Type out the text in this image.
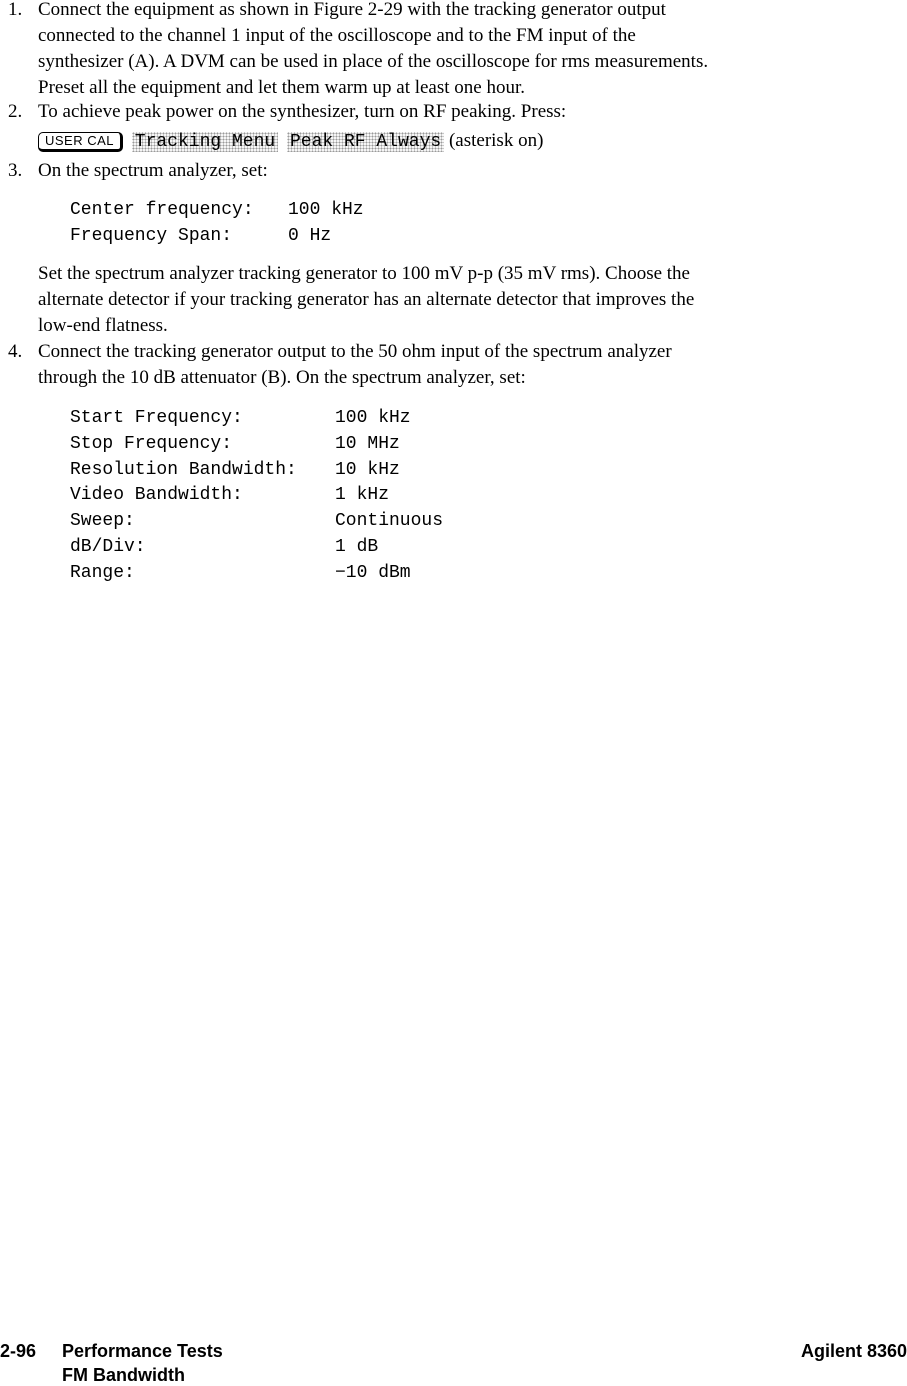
1. Connect the equipment as shown in Figure 2-29 with the tracking generator output
connected to the channel 1 input of the oscilloscope and to the FM input of the
synthesizer (A). A DVM can be used in place of the oscilloscope for rms measurements.
Preset all the equipment and let them warm up at least one hour.
2. To achieve peak power on the synthesizer, turn on RF peaking. Press:
USER CAL Tracking Menu Peak RF Always (asterisk on)
3. On the spectrum analyzer, set:
Center frequency: 100 kHz
Frequency Span:	0 Hz
Set the spectrum analyzer tracking generator to 100 mV p-p (35 mV rms). Choose the
alternate detector if your tracking generator has an alternate detector that improves the
low-end flatness.
4. Connect the tracking generator output to the 50 ohm input of the spectrum analyzer
through the 10 dB attenuator (B). On the spectrum analyzer, set:
Start Frequency:	100 kHz
Stop Frequency:	10 MHz
Resolution Bandwidth: 10 kHz
Video Bandwidth:	1 kHz
Sweep:	Continuous
dB/Div:	1 dB
Range:	−10 dBm
2-96 Performance Tests
FM Bandwidth
Agilent 8360
